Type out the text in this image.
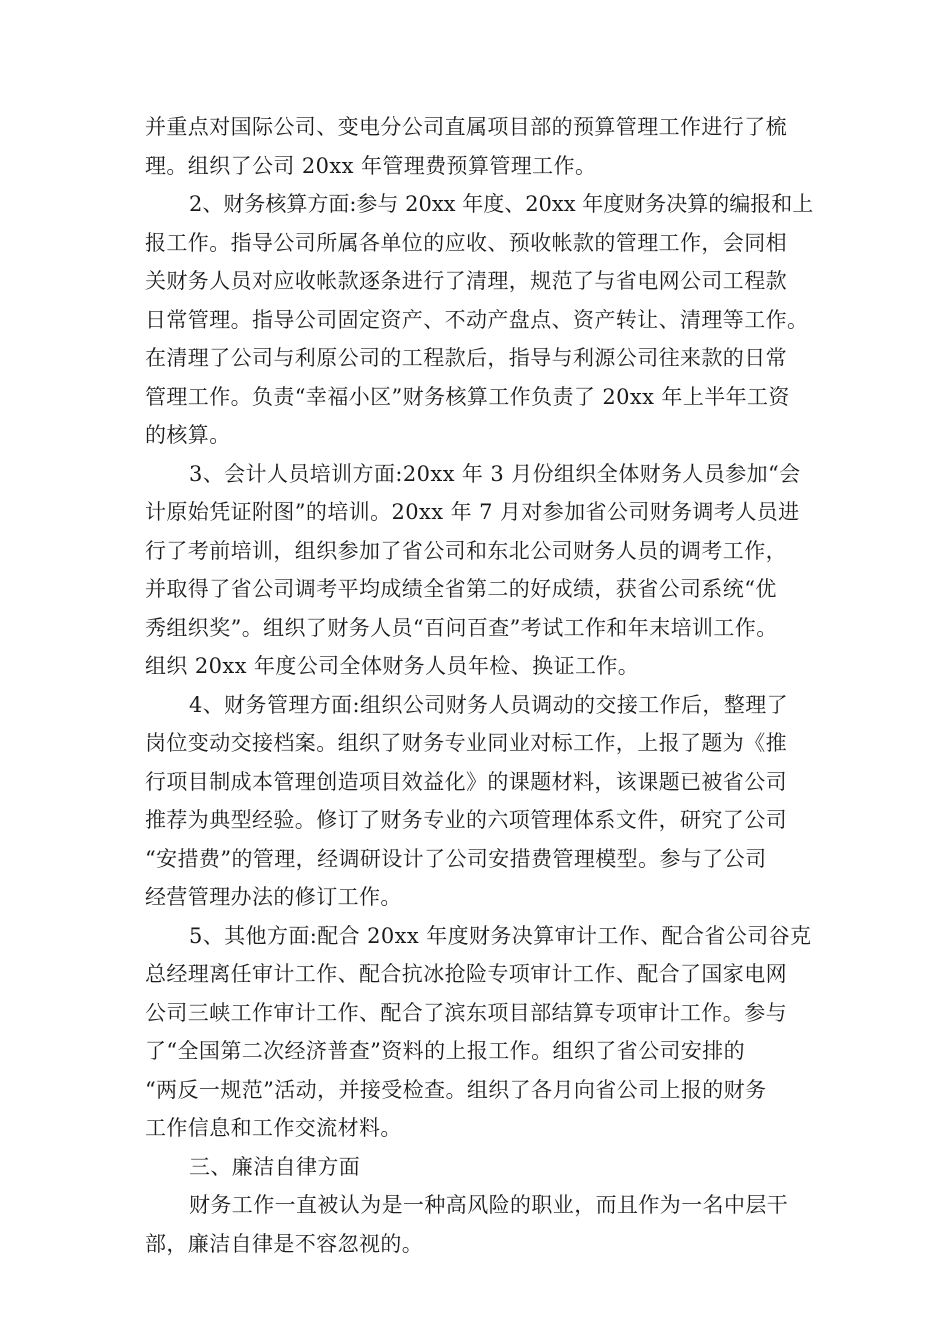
并重点对国际公司、变电分公司直属项目部的预算管理工作进行了梳
理。组织了公司 20xx 年管理费预算管理工作。
2、财务核算方面:参与 20xx 年度、20xx 年度财务决算的编报和上
报工作。指导公司所属各单位的应收、预收帐款的管理工作，会同相
关财务人员对应收帐款逐条进行了清理，规范了与省电网公司工程款
日常管理。指导公司固定资产、不动产盘点、资产转让、清理等工作。
在清理了公司与利原公司的工程款后，指导与利源公司往来款的日常
管理工作。负责“幸福小区”财务核算工作负责了 20xx 年上半年工资
的核算。
3、会计人员培训方面:20xx 年 3 月份组织全体财务人员参加“会
计原始凭证附图”的培训。20xx 年 7 月对参加省公司财务调考人员进
行了考前培训，组织参加了省公司和东北公司财务人员的调考工作，
并取得了省公司调考平均成绩全省第二的好成绩，获省公司系统“优
秀组织奖”。组织了财务人员“百问百查”考试工作和年末培训工作。
组织 20xx 年度公司全体财务人员年检、换证工作。
4、财务管理方面:组织公司财务人员调动的交接工作后，整理了
岗位变动交接档案。组织了财务专业同业对标工作，上报了题为《推
行项目制成本管理创造项目效益化》的课题材料，该课题已被省公司
推荐为典型经验。修订了财务专业的六项管理体系文件，研究了公司
“安措费”的管理，经调研设计了公司安措费管理模型。参与了公司
经营管理办法的修订工作。
5、其他方面:配合 20xx 年度财务决算审计工作、配合省公司谷克
总经理离任审计工作、配合抗冰抢险专项审计工作、配合了国家电网
公司三峡工作审计工作、配合了滨东项目部结算专项审计工作。参与
了“全国第二次经济普查”资料的上报工作。组织了省公司安排的
“两反一规范”活动，并接受检查。组织了各月向省公司上报的财务
工作信息和工作交流材料。
三、廉洁自律方面
财务工作一直被认为是一种高风险的职业，而且作为一名中层干
部，廉洁自律是不容忽视的。
